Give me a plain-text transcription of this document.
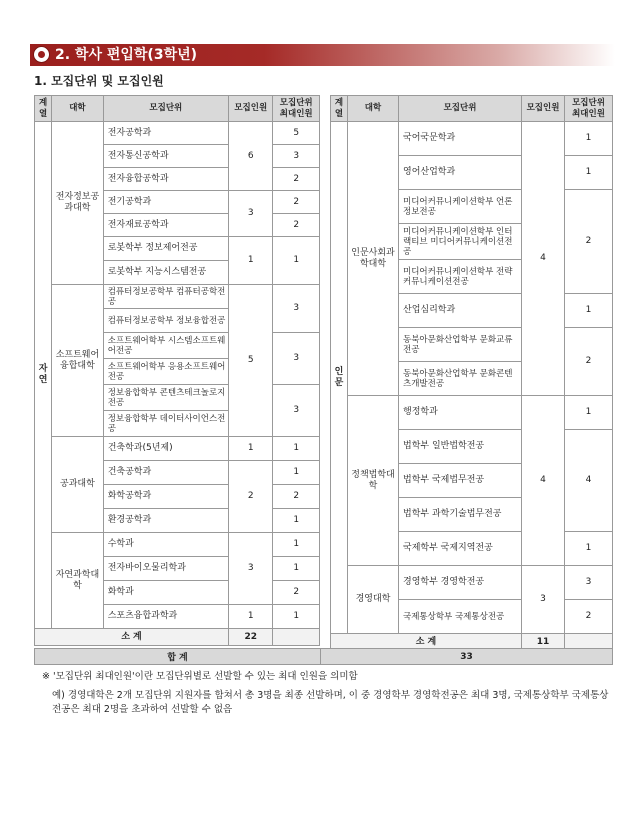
2. 학사 편입학(3학년)
1. 모집단위 및 모집인원
계열	대학	모집단위	모집인원	모집단위 최대인원
자연	전자정보공과대학	전자공학과	6	5
		전자통신공학과		3
		전자융합공학과		2
		전기공학과	3	2
		전자재료공학과		2
		로봇학부 정보제어전공	1	1
		로봇학부 지능시스템전공		
	소프트웨어융합대학	컴퓨터정보공학부 컴퓨터공학전공	5	3
		컴퓨터정보공학부 정보융합전공		
		소프트웨어학부 시스템소프트웨어전공		3
		소프트웨어학부 응용소프트웨어전공		
		정보융합학부 콘텐츠테크놀로지전공		3
		정보융합학부 데이터사이언스전공		
	공과대학	건축학과(5년제)	1	1
		건축공학과	2	1
		화학공학과		2
		환경공학과		1
	자연과학대학	수학과	3	1
		전자바이오물리학과		1
		화학과		2
		스포츠융합과학과	1	1
소 계			22	
계열	대학	모집단위	모집인원	모집단위 최대인원
인문	인문사회과학대학	국어국문학과	4	1
		영어산업학과		1
		미디어커뮤니케이션학부 언론정보전공		2
		미디어커뮤니케이션학부 인터랙티브 미디어커뮤니케이션전공		
		미디어커뮤니케이션학부 전략커뮤니케이션전공		
		산업심리학과		1
		동북아문화산업학부 문화교류전공		2
		동북아문화산업학부 문화콘텐츠개발전공		
	정책법학대학	행정학과	4	1
		법학부 일반법학전공		4
		법학부 국제법무전공		
		법학부 과학기술법무전공		
		국제학부 국제지역전공		1
	경영대학	경영학부 경영학전공	3	3
		국제통상학부 국제통상전공		2
소 계			11	
합 계	33
※ '모집단위 최대인원'이란 모집단위별로 선발할 수 있는 최대 인원을 의미함
예) 경영대학은 2개 모집단위 지원자를 합쳐서 총 3명을 최종 선발하며, 이 중 경영학부 경영학전공은 최대 3명, 국제통상학부 국제통상전공은 최대 2명을 초과하여 선발할 수 없음
